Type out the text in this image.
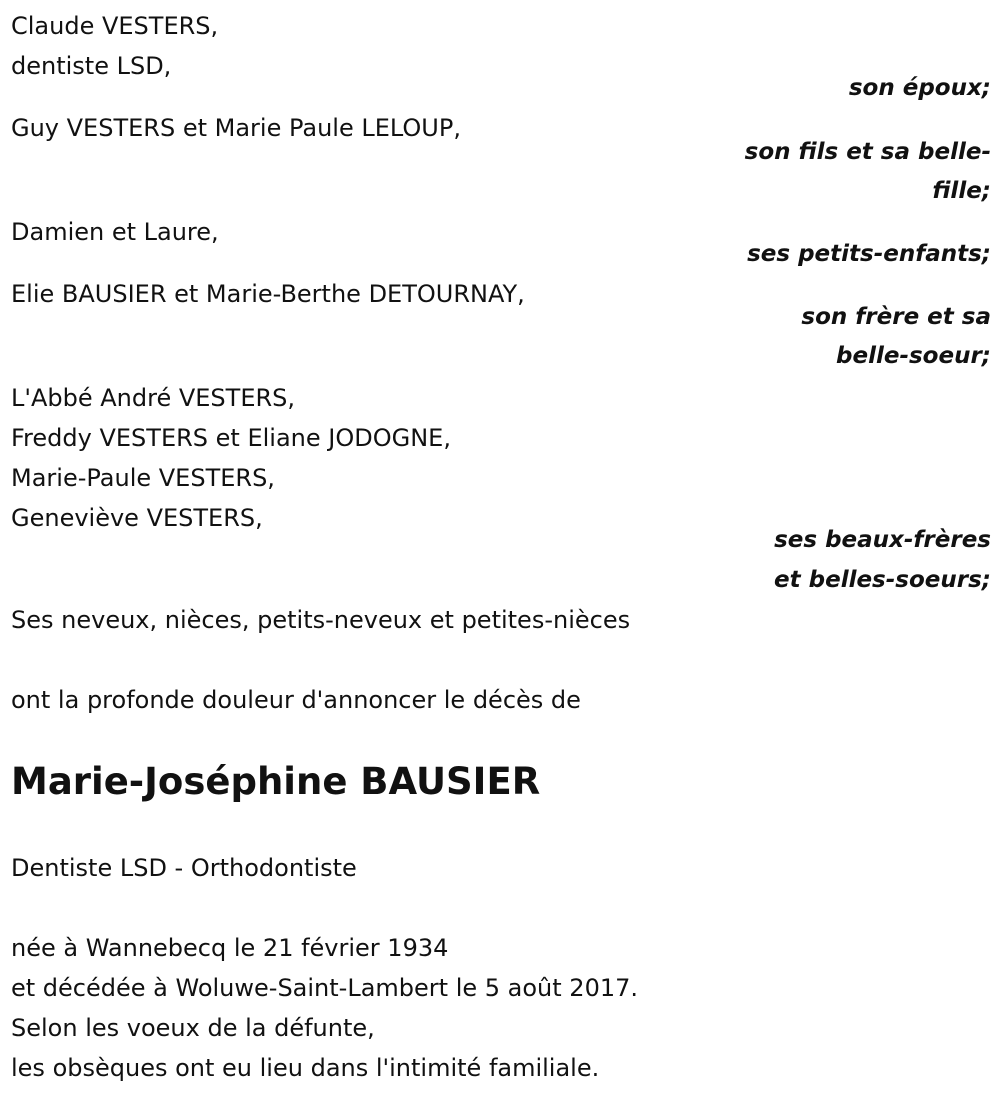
Claude VESTERS,
dentiste LSD,
Guy VESTERS et Marie Paule LELOUP,
Damien et Laure,
Elie BAUSIER et Marie-Berthe DETOURNAY,
L'Abbé André VESTERS,
Freddy VESTERS et Eliane JODOGNE,
Marie-Paule VESTERS,
Geneviève VESTERS,
Ses neveux, nièces, petits-neveux et petites-nièces
son époux;
son fils et sa belle-
fille;
ses petits-enfants;
son frère et sa
belle-soeur;
ses beaux-frères
et belles-soeurs;
ont la profonde douleur d'annoncer le décès de
Marie-Joséphine BAUSIER
Dentiste LSD - Orthodontiste
née à Wannebecq le 21 février 1934
et décédée à Woluwe-Saint-Lambert le 5 août 2017.
Selon les voeux de la défunte,
les obsèques ont eu lieu dans l'intimité familiale.
